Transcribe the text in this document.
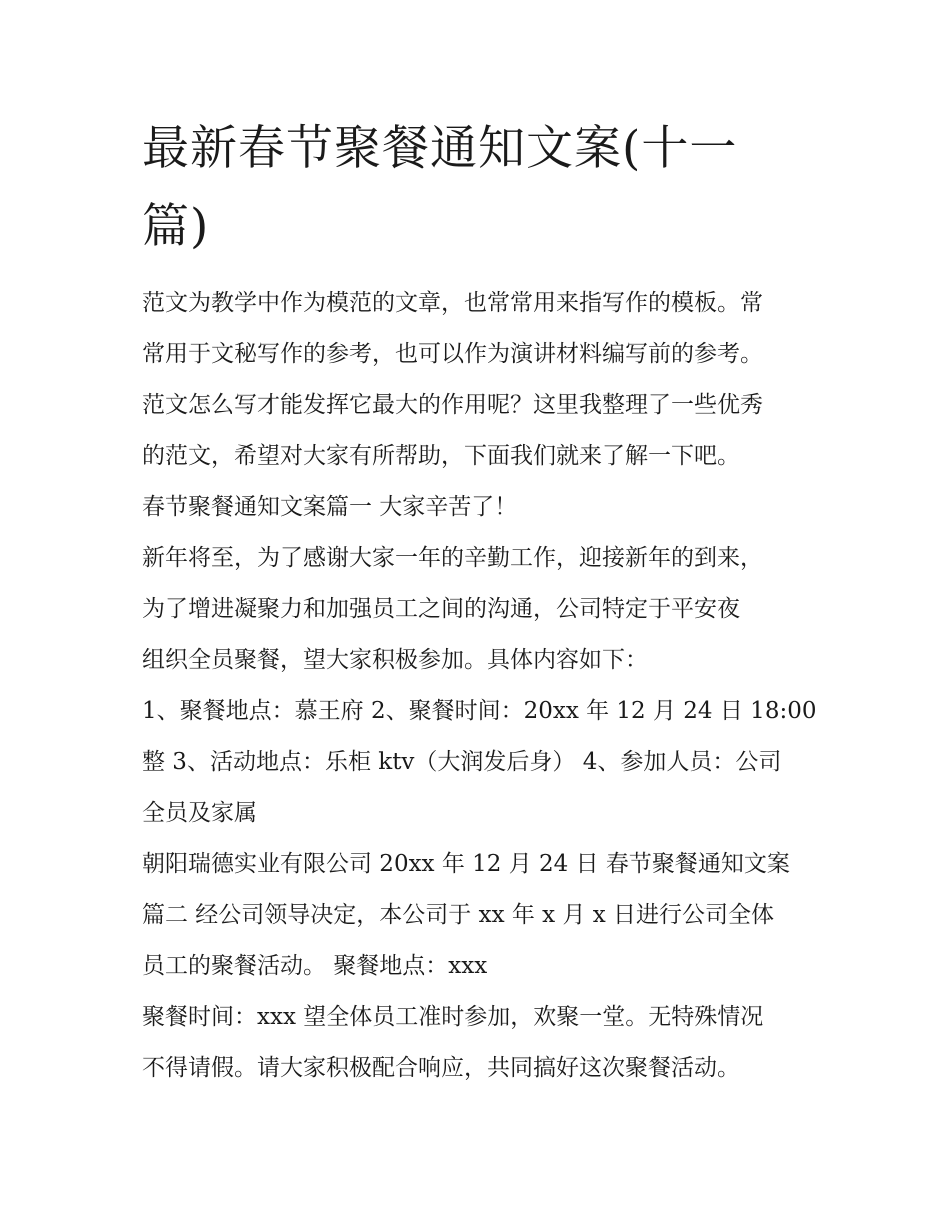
最新春节聚餐通知文案(十一
篇)
范文为教学中作为模范的文章，也常常用来指写作的模板。常
常用于文秘写作的参考，也可以作为演讲材料编写前的参考。
范文怎么写才能发挥它最大的作用呢？这里我整理了一些优秀
的范文，希望对大家有所帮助，下面我们就来了解一下吧。
春节聚餐通知文案篇一 大家辛苦了！
新年将至，为了感谢大家一年的辛勤工作，迎接新年的到来，
为了增进凝聚力和加强员工之间的沟通，公司特定于平安夜
组织全员聚餐，望大家积极参加。具体内容如下：
1、聚餐地点：慕王府 2、聚餐时间：20xx 年 12 月 24 日 18:00
整 3、活动地点：乐柜 ktv（大润发后身） 4、参加人员：公司
全员及家属
朝阳瑞德实业有限公司 20xx 年 12 月 24 日 春节聚餐通知文案
篇二 经公司领导决定，本公司于 xx 年 x 月 x 日进行公司全体
员工的聚餐活动。 聚餐地点：xxx
聚餐时间：xxx 望全体员工准时参加，欢聚一堂。无特殊情况
不得请假。请大家积极配合响应，共同搞好这次聚餐活动。
